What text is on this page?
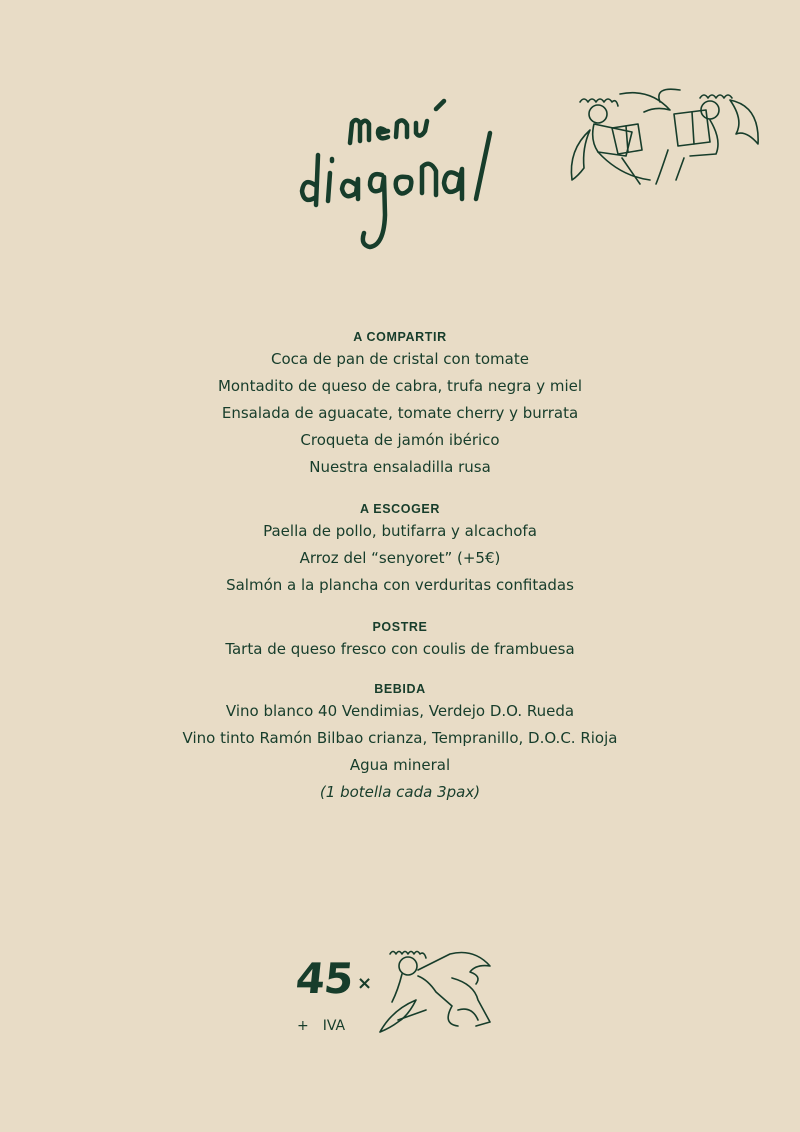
A COMPARTIR
Coca de pan de cristal con tomate
Montadito de queso de cabra, trufa negra y miel
Ensalada de aguacate, tomate cherry y burrata
Croqueta de jamón ibérico
Nuestra ensaladilla rusa
A ESCOGER
Paella de pollo, butifarra y alcachofa
Arroz del “senyoret” (+5€)
Salmón a la plancha con verduritas confitadas
POSTRE
Tarta de queso fresco con coulis de frambuesa
BEBIDA
Vino blanco 40 Vendimias, Verdejo D.O. Rueda
Vino tinto Ramón Bilbao crianza, Tempranillo, D.O.C. Rioja
Agua mineral
(1 botella cada 3pax)
45 ×
+ IVA
